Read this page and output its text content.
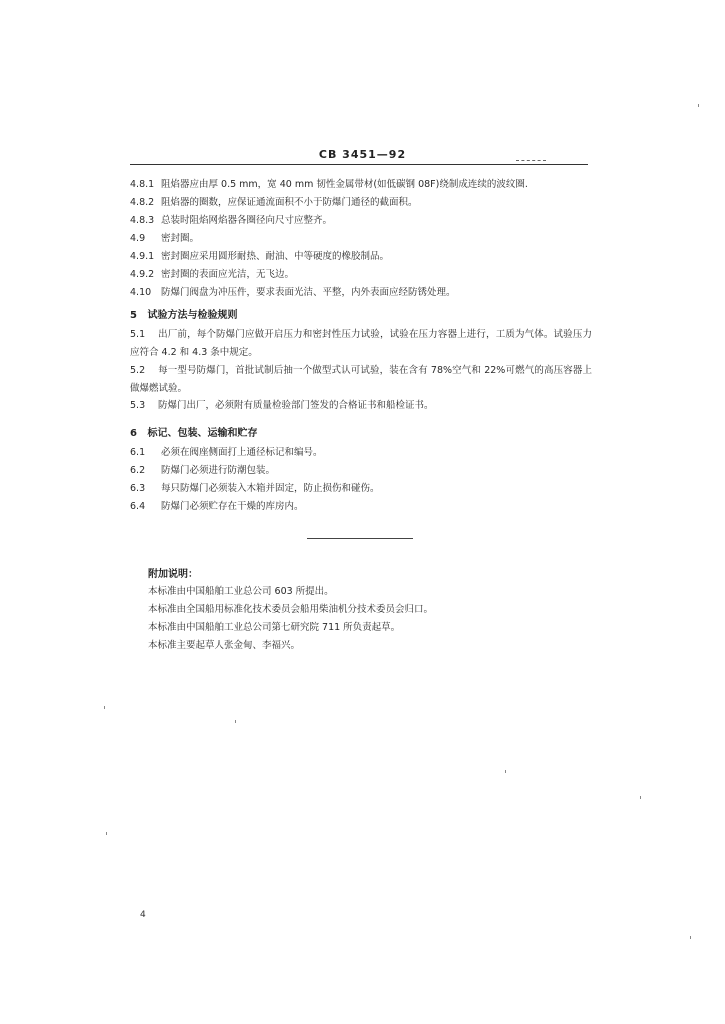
CB 3451—92
4.8.1 阻焰器应由厚 0.5 mm，宽 40 mm 韧性金属带材(如低碳钢 08F)绕制成连续的波纹圈.
4.8.2 阻焰器的圈数，应保证通流面积不小于防爆门通径的截面积。
4.8.3 总装时阻焰网焰器各圈径向尺寸应整齐。
4.9 密封圈。
4.9.1 密封圈应采用圆形耐热、耐油、中等硬度的橡胶制品。
4.9.2 密封圈的表面应光洁，无飞边。
4.10 防爆门阀盘为冲压件，要求表面光洁、平整，内外表面应经防锈处理。
5 试验方法与检验规则
5.1 出厂前，每个防爆门应做开启压力和密封性压力试验，试验在压力容器上进行，工质为气体。试验压力应符合 4.2 和 4.3 条中规定。
5.2 每一型号防爆门，首批试制后抽一个做型式认可试验，装在含有 78%空气和 22%可燃气的高压容器上做爆燃试验。
5.3 防爆门出厂，必须附有质量检验部门签发的合格证书和船检证书。
6 标记、包装、运输和贮存
6.1 必须在阀座侧面打上通径标记和编号。
6.2 防爆门必须进行防潮包装。
6.3 每只防爆门必须装入木箱并固定，防止损伤和碰伤。
6.4 防爆门必须贮存在干燥的库房内。
附加说明：
本标准由中国船舶工业总公司 603 所提出。
本标准由全国船用标准化技术委员会船用柴油机分技术委员会归口。
本标准由中国船舶工业总公司第七研究院 711 所负责起草。
本标准主要起草人张金甸、李福兴。
4
